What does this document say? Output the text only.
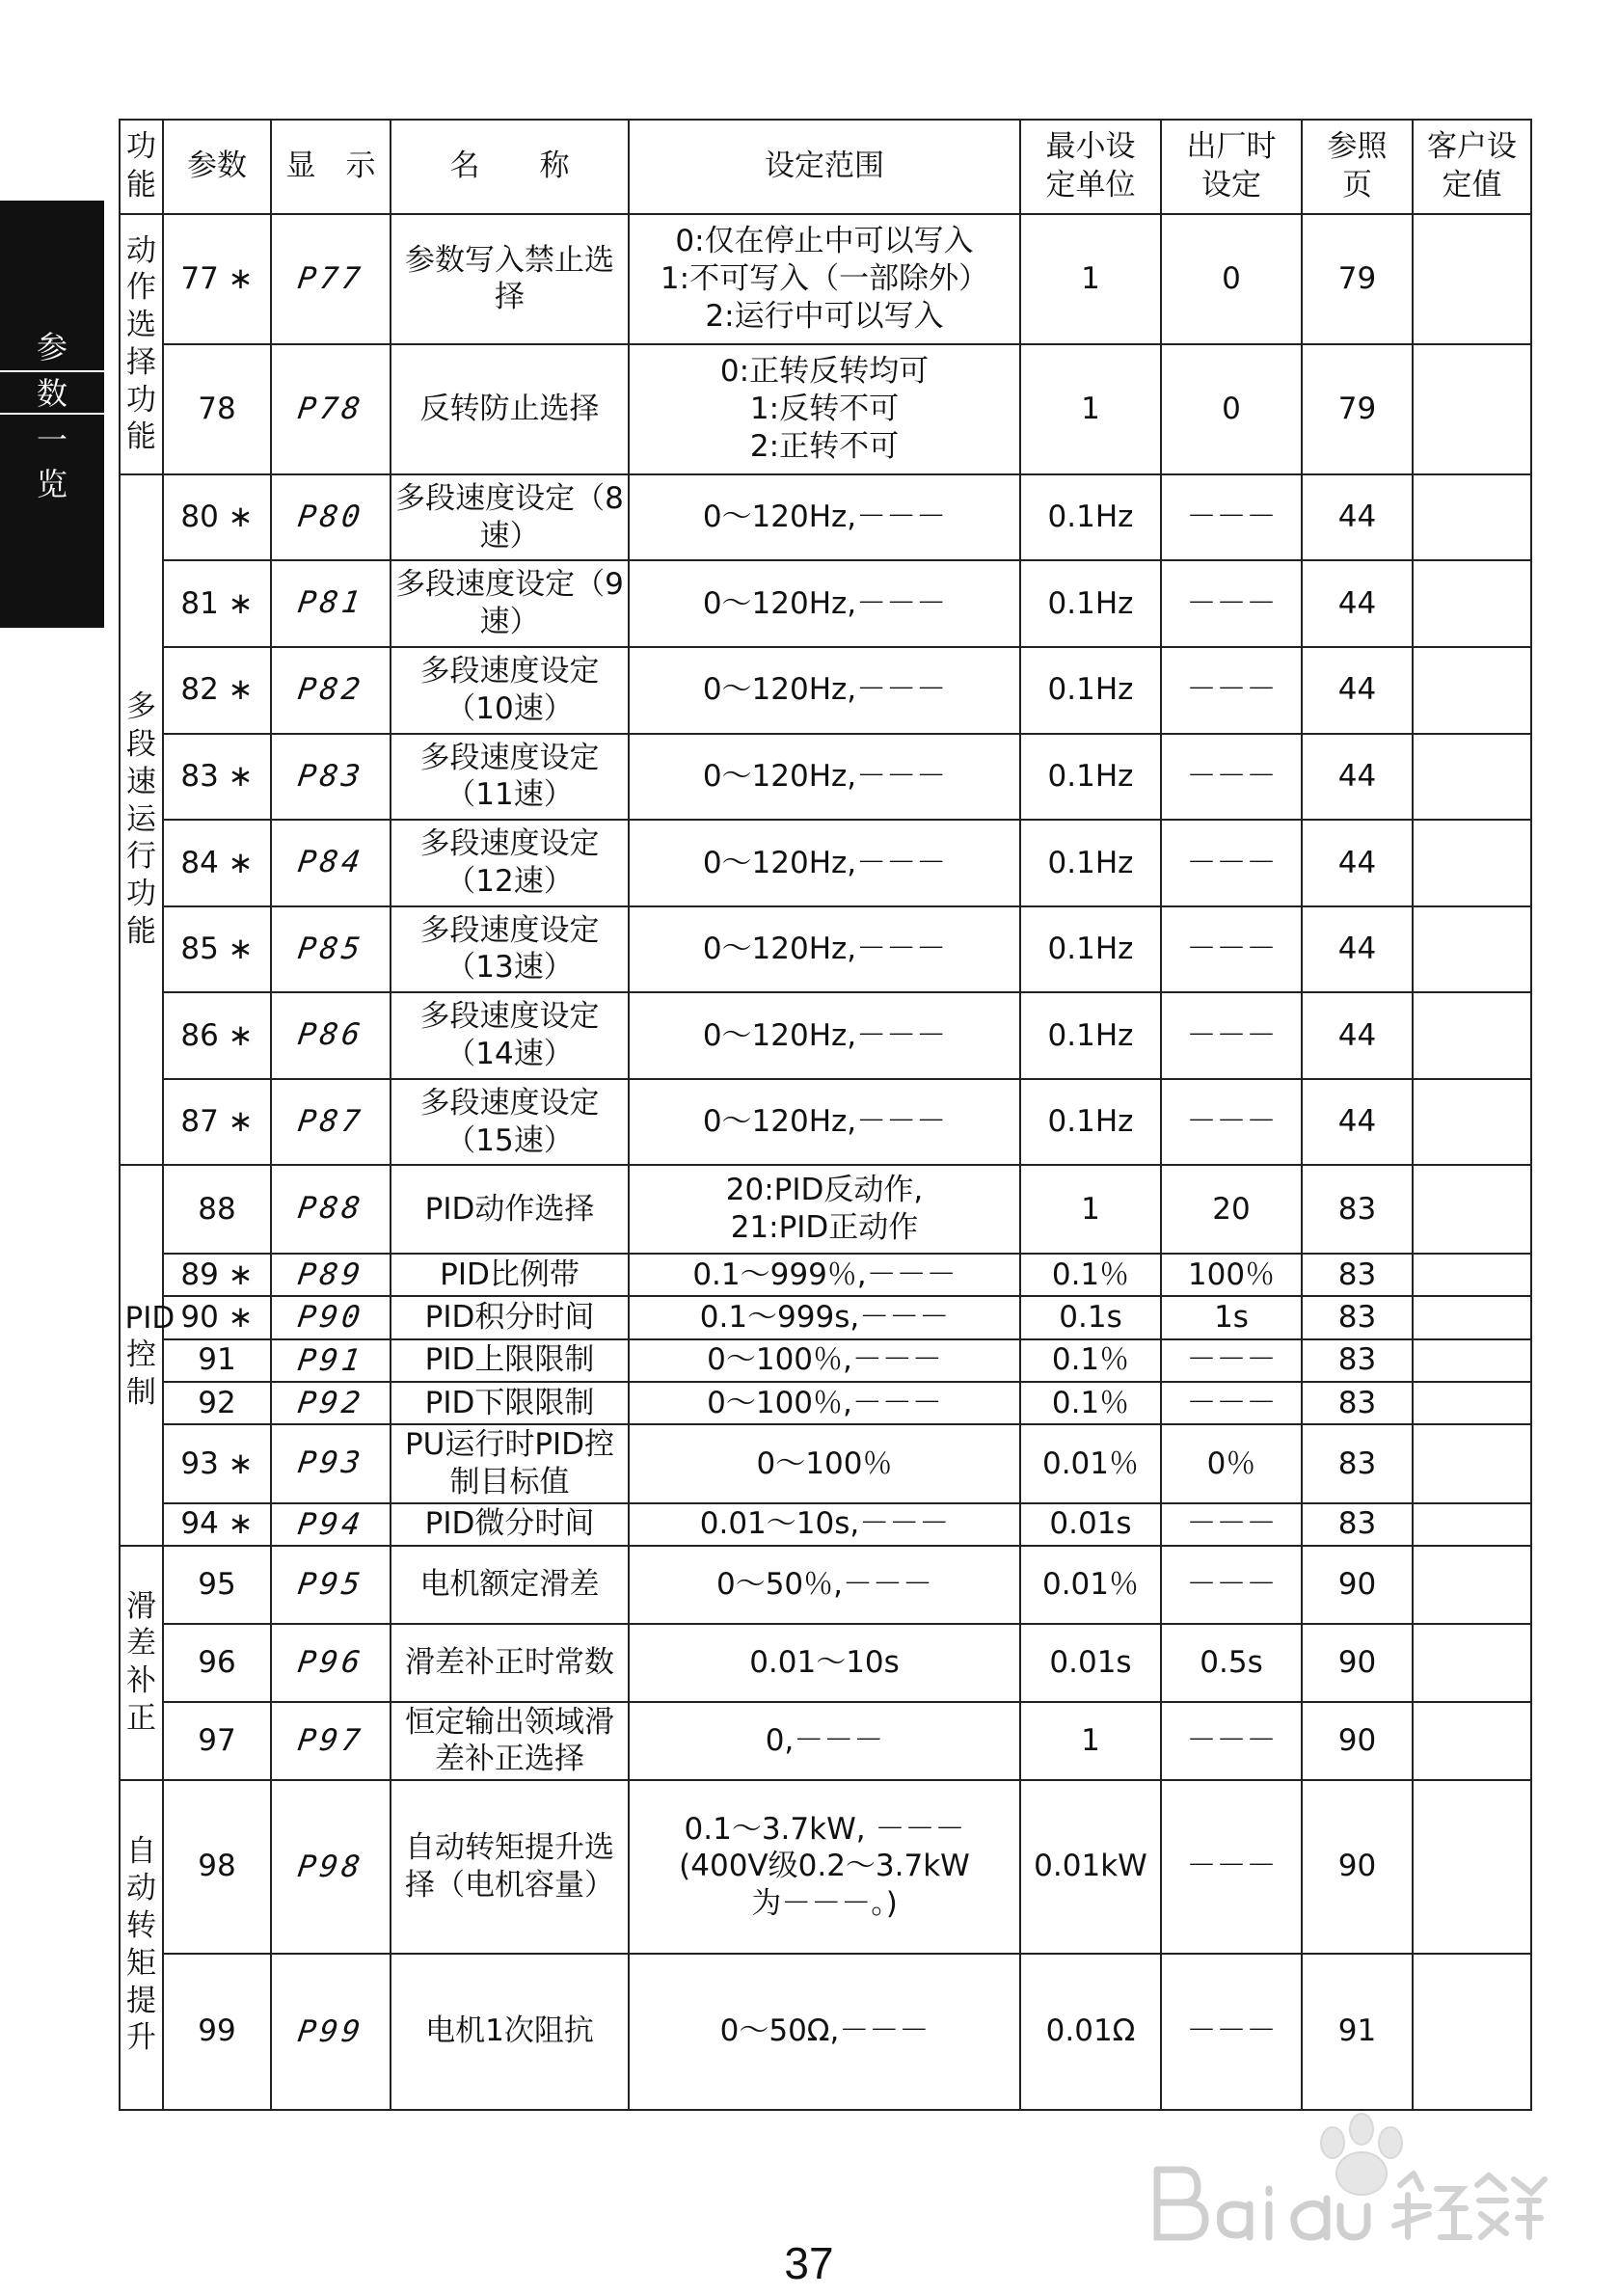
参
数
一
览
功能	参数	显　示	名　　称	设定范围	最小设定单位	出厂时设定	参照页	客户设定值
动作选择功能	77 ∗	P77	参数写入禁止选择	0:仅在停止中可以写入
1:不可写入（一部除外）
2:运行中可以写入	1	0	79	
	78	P78	反转防止选择	0:正转反转均可
1:反转不可
2:正转不可	1	0	79	
多段速运行功能	80 ∗	P80	多段速度设定（8速）	0～120Hz,－－－	0.1Hz	－－－	44	
	81 ∗	P81	多段速度设定（9速）	0～120Hz,－－－	0.1Hz	－－－	44	
	82 ∗	P82	多段速度设定（10速）	0～120Hz,－－－	0.1Hz	－－－	44	
	83 ∗	P83	多段速度设定（11速）	0～120Hz,－－－	0.1Hz	－－－	44	
	84 ∗	P84	多段速度设定（12速）	0～120Hz,－－－	0.1Hz	－－－	44	
	85 ∗	P85	多段速度设定（13速）	0～120Hz,－－－	0.1Hz	－－－	44	
	86 ∗	P86	多段速度设定（14速）	0～120Hz,－－－	0.1Hz	－－－	44	
	87 ∗	P87	多段速度设定（15速）	0～120Hz,－－－	0.1Hz	－－－	44	
PID控制	88	P88	PID动作选择	20:PID反动作,
21:PID正动作	1	20	83	
	89 ∗	P89	PID比例带	0.1～999％,－－－	0.1％	100％	83	
	90 ∗	P90	PID积分时间	0.1～999s,－－－	0.1s	1s	83	
	91	P91	PID上限限制	0～100％,－－－	0.1％	－－－	83	
	92	P92	PID下限限制	0～100％,－－－	0.1％	－－－	83	
	93 ∗	P93	PU运行时PID控制目标值	0～100％	0.01％	0％	83	
	94 ∗	P94	PID微分时间	0.01～10s,－－－	0.01s	－－－	83	
滑差补正	95	P95	电机额定滑差	0～50％,－－－	0.01％	－－－	90	
	96	P96	滑差补正时常数	0.01～10s	0.01s	0.5s	90	
	97	P97	恒定输出领域滑差补正选择	0,－－－	1	－－－	90	
自动转矩提升	98	P98	自动转矩提升选择（电机容量）	0.1～3.7kW, －－－
(400V级0.2～3.7kW
为－－－。)	0.01kW	－－－	90	
	99	P99	电机1次阻抗	0～50Ω,－－－	0.01Ω	－－－	91	
37
